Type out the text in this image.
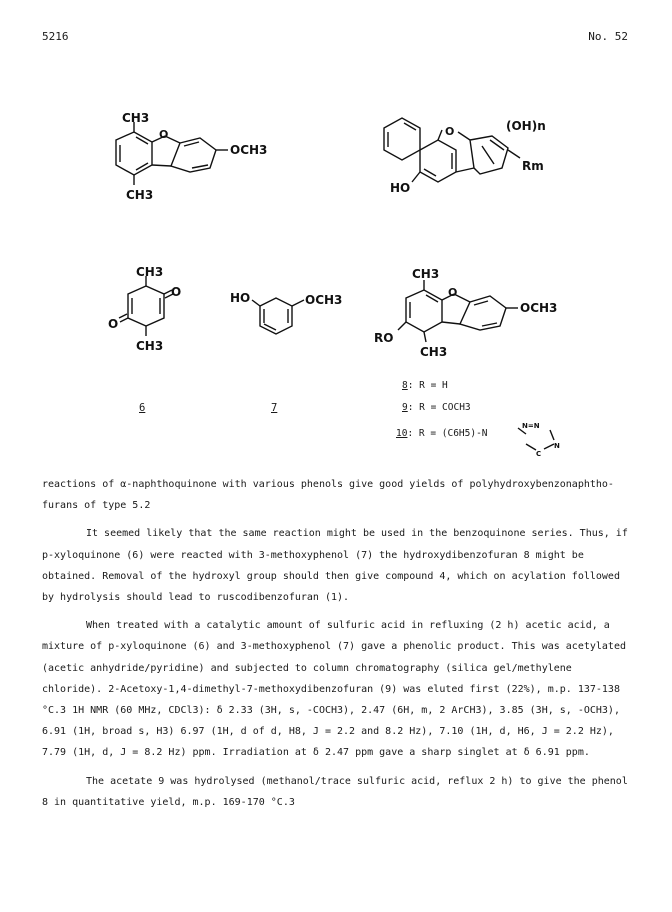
5216	No. 52
CH3
O
OCH3
CH3
O	(OH)n
Rm
HO
CH3
O
O
CH3
HO	OCH3
CH3
O
OCH3
RO
CH3
6	7
8: R = H
9: R = COCH3
10: R = (C6H5)-N
N=N
N
C

reactions of α-naphthoquinone with various phenols give good yields of polyhydroxybenzonaphtho-

furans of type 5.2

It seemed likely that the same reaction might be used in the benzoquinone series. Thus, if p-xyloquinone (6) were reacted with 3-methoxyphenol (7) the hydroxydibenzofuran 8 might be obtained. Removal of the hydroxyl group should then give compound 4, which on acylation followed by hydrolysis should lead to ruscodibenzofuran (1).

When treated with a catalytic amount of sulfuric acid in refluxing (2 h) acetic acid, a mixture of p-xyloquinone (6) and 3-methoxyphenol (7) gave a phenolic product. This was acetylated (acetic anhydride/pyridine) and subjected to column chromatography (silica gel/methylene chloride). 2-Acetoxy-1,4-dimethyl-7-methoxydibenzofuran (9) was eluted first (22%), m.p. 137-138 °C.3 1H NMR (60 MHz, CDCl3): δ 2.33 (3H, s, -COCH3), 2.47 (6H, m, 2 ArCH3), 3.85 (3H, s, -OCH3), 6.91 (1H, broad s, H3) 6.97 (1H, d of d, H8, J = 2.2 and 8.2 Hz), 7.10 (1H, d, H6, J = 2.2 Hz), 7.79 (1H, d, J = 8.2 Hz) ppm. Irradiation at δ 2.47 ppm gave a sharp singlet at δ 6.91 ppm.

The acetate 9 was hydrolysed (methanol/trace sulfuric acid, reflux 2 h) to give the phenol 8 in quantitative yield, m.p. 169-170 °C.3
